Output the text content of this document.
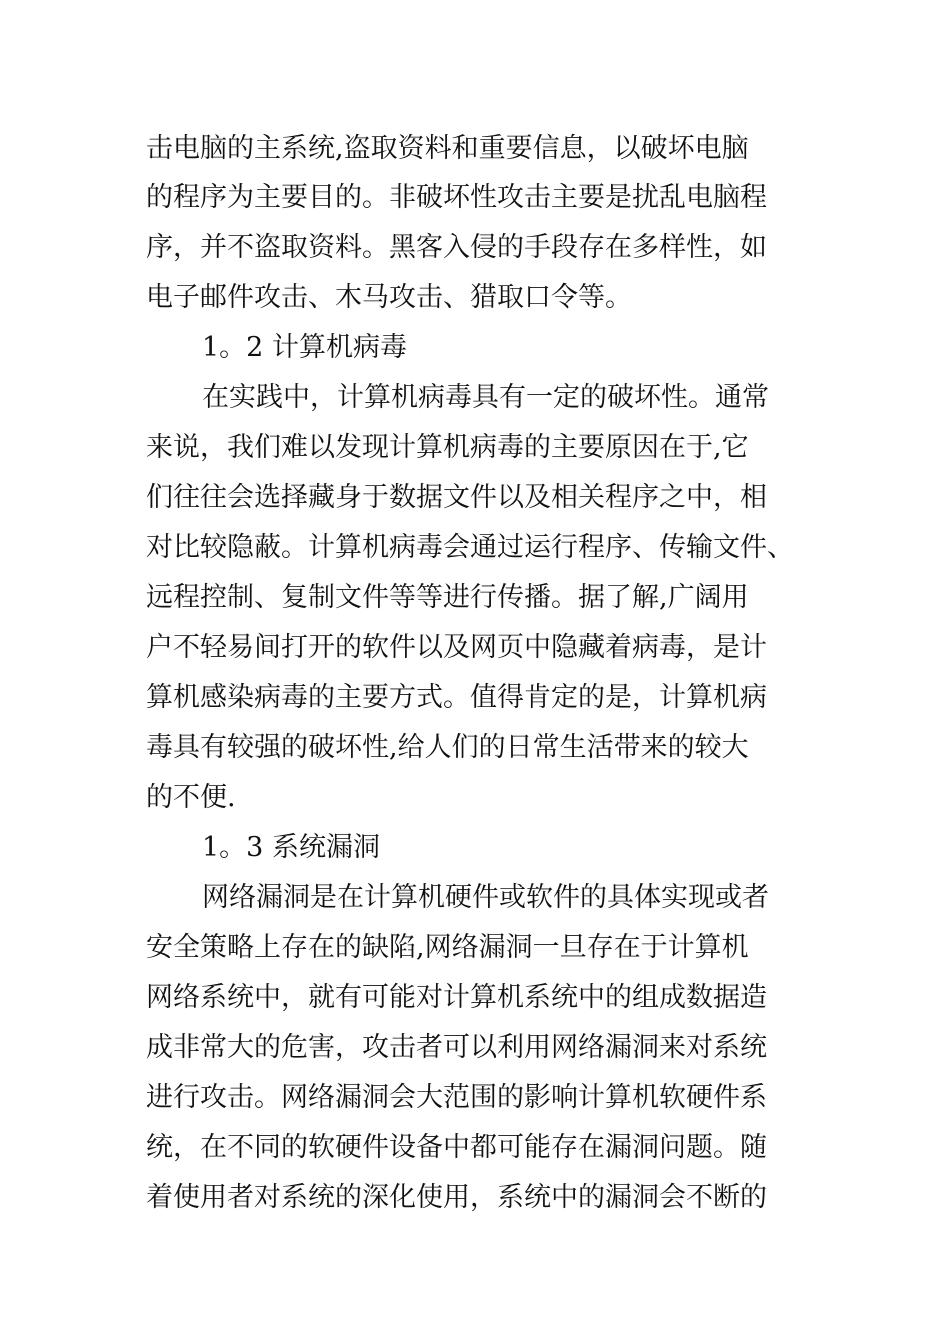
击电脑的主系统,盗取资料和重要信息，以破坏电脑
的程序为主要目的。非破坏性攻击主要是扰乱电脑程
序，并不盗取资料。黑客入侵的手段存在多样性，如
电子邮件攻击、木马攻击、猎取口令等。
1。2 计算机病毒
在实践中，计算机病毒具有一定的破坏性。通常
来说，我们难以发现计算机病毒的主要原因在于,它
们往往会选择藏身于数据文件以及相关程序之中，相
对比较隐蔽。计算机病毒会通过运行程序、传输文件、
远程控制、复制文件等等进行传播。据了解,广阔用
户不轻易间打开的软件以及网页中隐藏着病毒，是计
算机感染病毒的主要方式。值得肯定的是，计算机病
毒具有较强的破坏性,给人们的日常生活带来的较大
的不便.
1。3 系统漏洞
网络漏洞是在计算机硬件或软件的具体实现或者
安全策略上存在的缺陷,网络漏洞一旦存在于计算机
网络系统中，就有可能对计算机系统中的组成数据造
成非常大的危害，攻击者可以利用网络漏洞来对系统
进行攻击。网络漏洞会大范围的影响计算机软硬件系
统，在不同的软硬件设备中都可能存在漏洞问题。随
着使用者对系统的深化使用，系统中的漏洞会不断的
